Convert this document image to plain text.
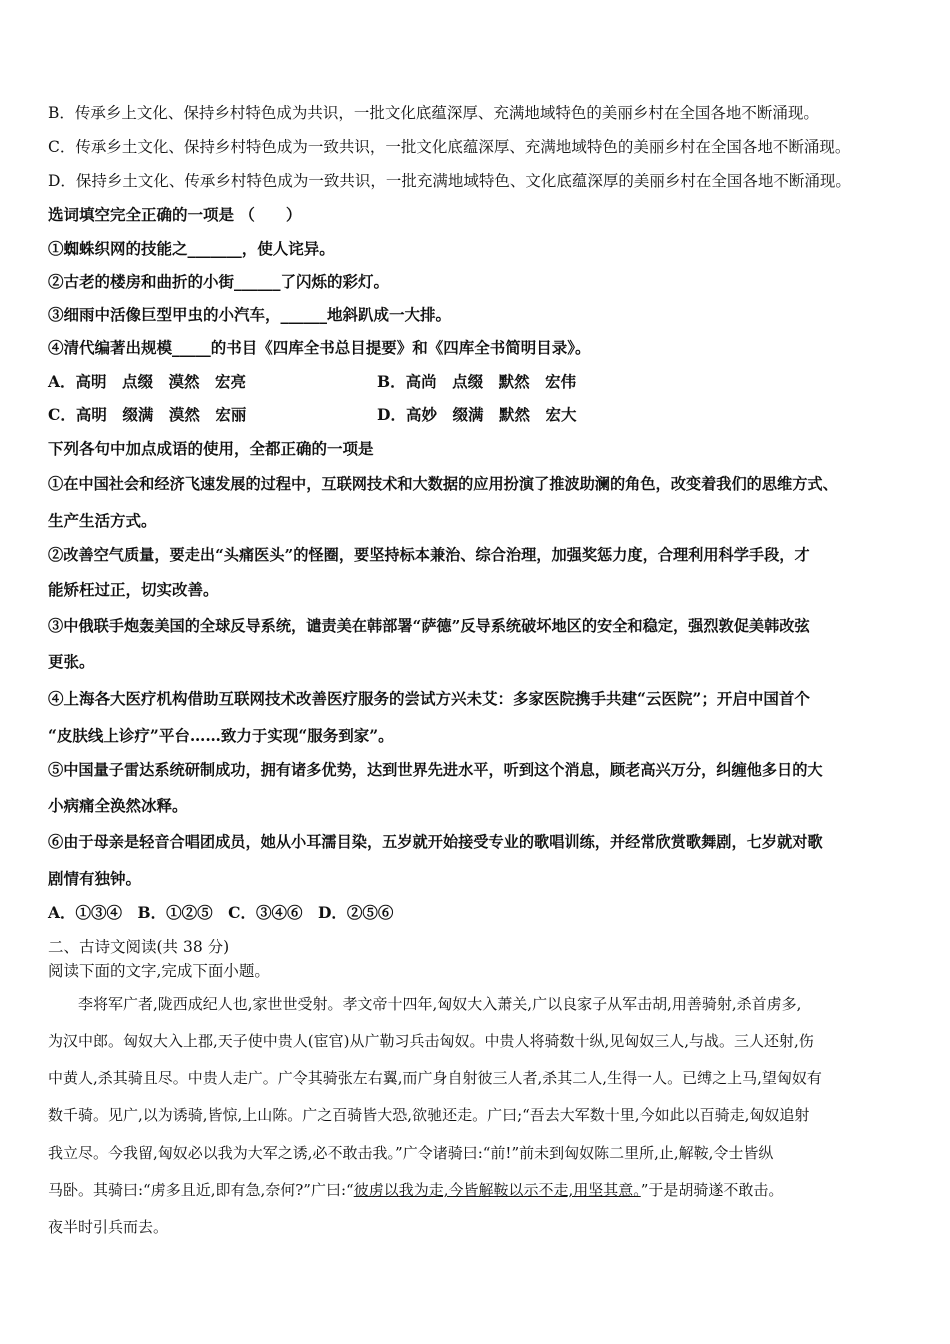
B．传承乡上文化、保持乡村特色成为共识，一批文化底蕴深厚、充满地域特色的美丽乡村在全国各地不断涌现。
C．传承乡土文化、保持乡村特色成为一致共识，一批文化底蕴深厚、充满地域特色的美丽乡村在全国各地不断涌现。
D．保持乡土文化、传承乡村特色成为一致共识，一批充满地域特色、文化底蕴深厚的美丽乡村在全国各地不断涌现。
选词填空完全正确的一项是 （　　）
①蜘蛛织网的技能之_______，使人诧异。
②古老的楼房和曲折的小街______了闪烁的彩灯。
③细雨中活像巨型甲虫的小汽车，______地斜趴成一大排。
④清代编著出规模_____的书目《四库全书总目提要》和《四库全书简明目录》。
A．高明　点缀　漠然　宏亮	B．高尚　点缀　默然　宏伟
C．高明　缀满　漠然　宏丽	D．高妙　缀满　默然　宏大
下列各句中加点成语的使用，全都正确的一项是
①在中国社会和经济飞速发展的过程中，互联网技术和大数据的应用扮演了推波助澜的角色，改变着我们的思维方式、
生产生活方式。
②改善空气质量，要走出“头痛医头”的怪圈，要坚持标本兼治、综合治理，加强奖惩力度，合理利用科学手段，才
能矫枉过正，切实改善。
③中俄联手炮轰美国的全球反导系统，谴责美在韩部署“萨德”反导系统破坏地区的安全和稳定，强烈敦促美韩改弦
更张。
④上海各大医疗机构借助互联网技术改善医疗服务的尝试方兴未艾：多家医院携手共建“云医院”；开启中国首个
“皮肤线上诊疗”平台……致力于实现“服务到家”。
⑤中国量子雷达系统研制成功，拥有诸多优势，达到世界先进水平，听到这个消息，顾老高兴万分，纠缠他多日的大
小病痛全涣然冰释。
⑥由于母亲是轻音合唱团成员，她从小耳濡目染，五岁就开始接受专业的歌唱训练，并经常欣赏歌舞剧，七岁就对歌
剧情有独钟。
A．①③④　B．①②⑤　C．③④⑥　D．②⑤⑥
二、古诗文阅读(共 38 分)
阅读下面的文字,完成下面小题。
　　李将军广者,陇西成纪人也,家世世受射。孝文帝十四年,匈奴大入萧关,广以良家子从军击胡,用善骑射,杀首虏多,
为汉中郎。匈奴大入上郡,天子使中贵人(宦官)从广勒习兵击匈奴。中贵人将骑数十纵,见匈奴三人,与战。三人还射,伤
中黄人,杀其骑且尽。中贵人走广。广令其骑张左右翼,而广身自射彼三人者,杀其二人,生得一人。已缚之上马,望匈奴有
数千骑。见广,以为诱骑,皆惊,上山陈。广之百骑皆大恐,欲驰还走。广曰;“吾去大军数十里,今如此以百骑走,匈奴追射
我立尽。今我留,匈奴必以我为大军之诱,必不敢击我。”广令诸骑曰:“前!”前未到匈奴陈二里所,止,解鞍,令士皆纵
马卧。其骑曰:“虏多且近,即有急,奈何?”广曰:“彼虏以我为走,今皆解鞍以示不走,用坚其意。”于是胡骑遂不敢击。
夜半时引兵而去。
